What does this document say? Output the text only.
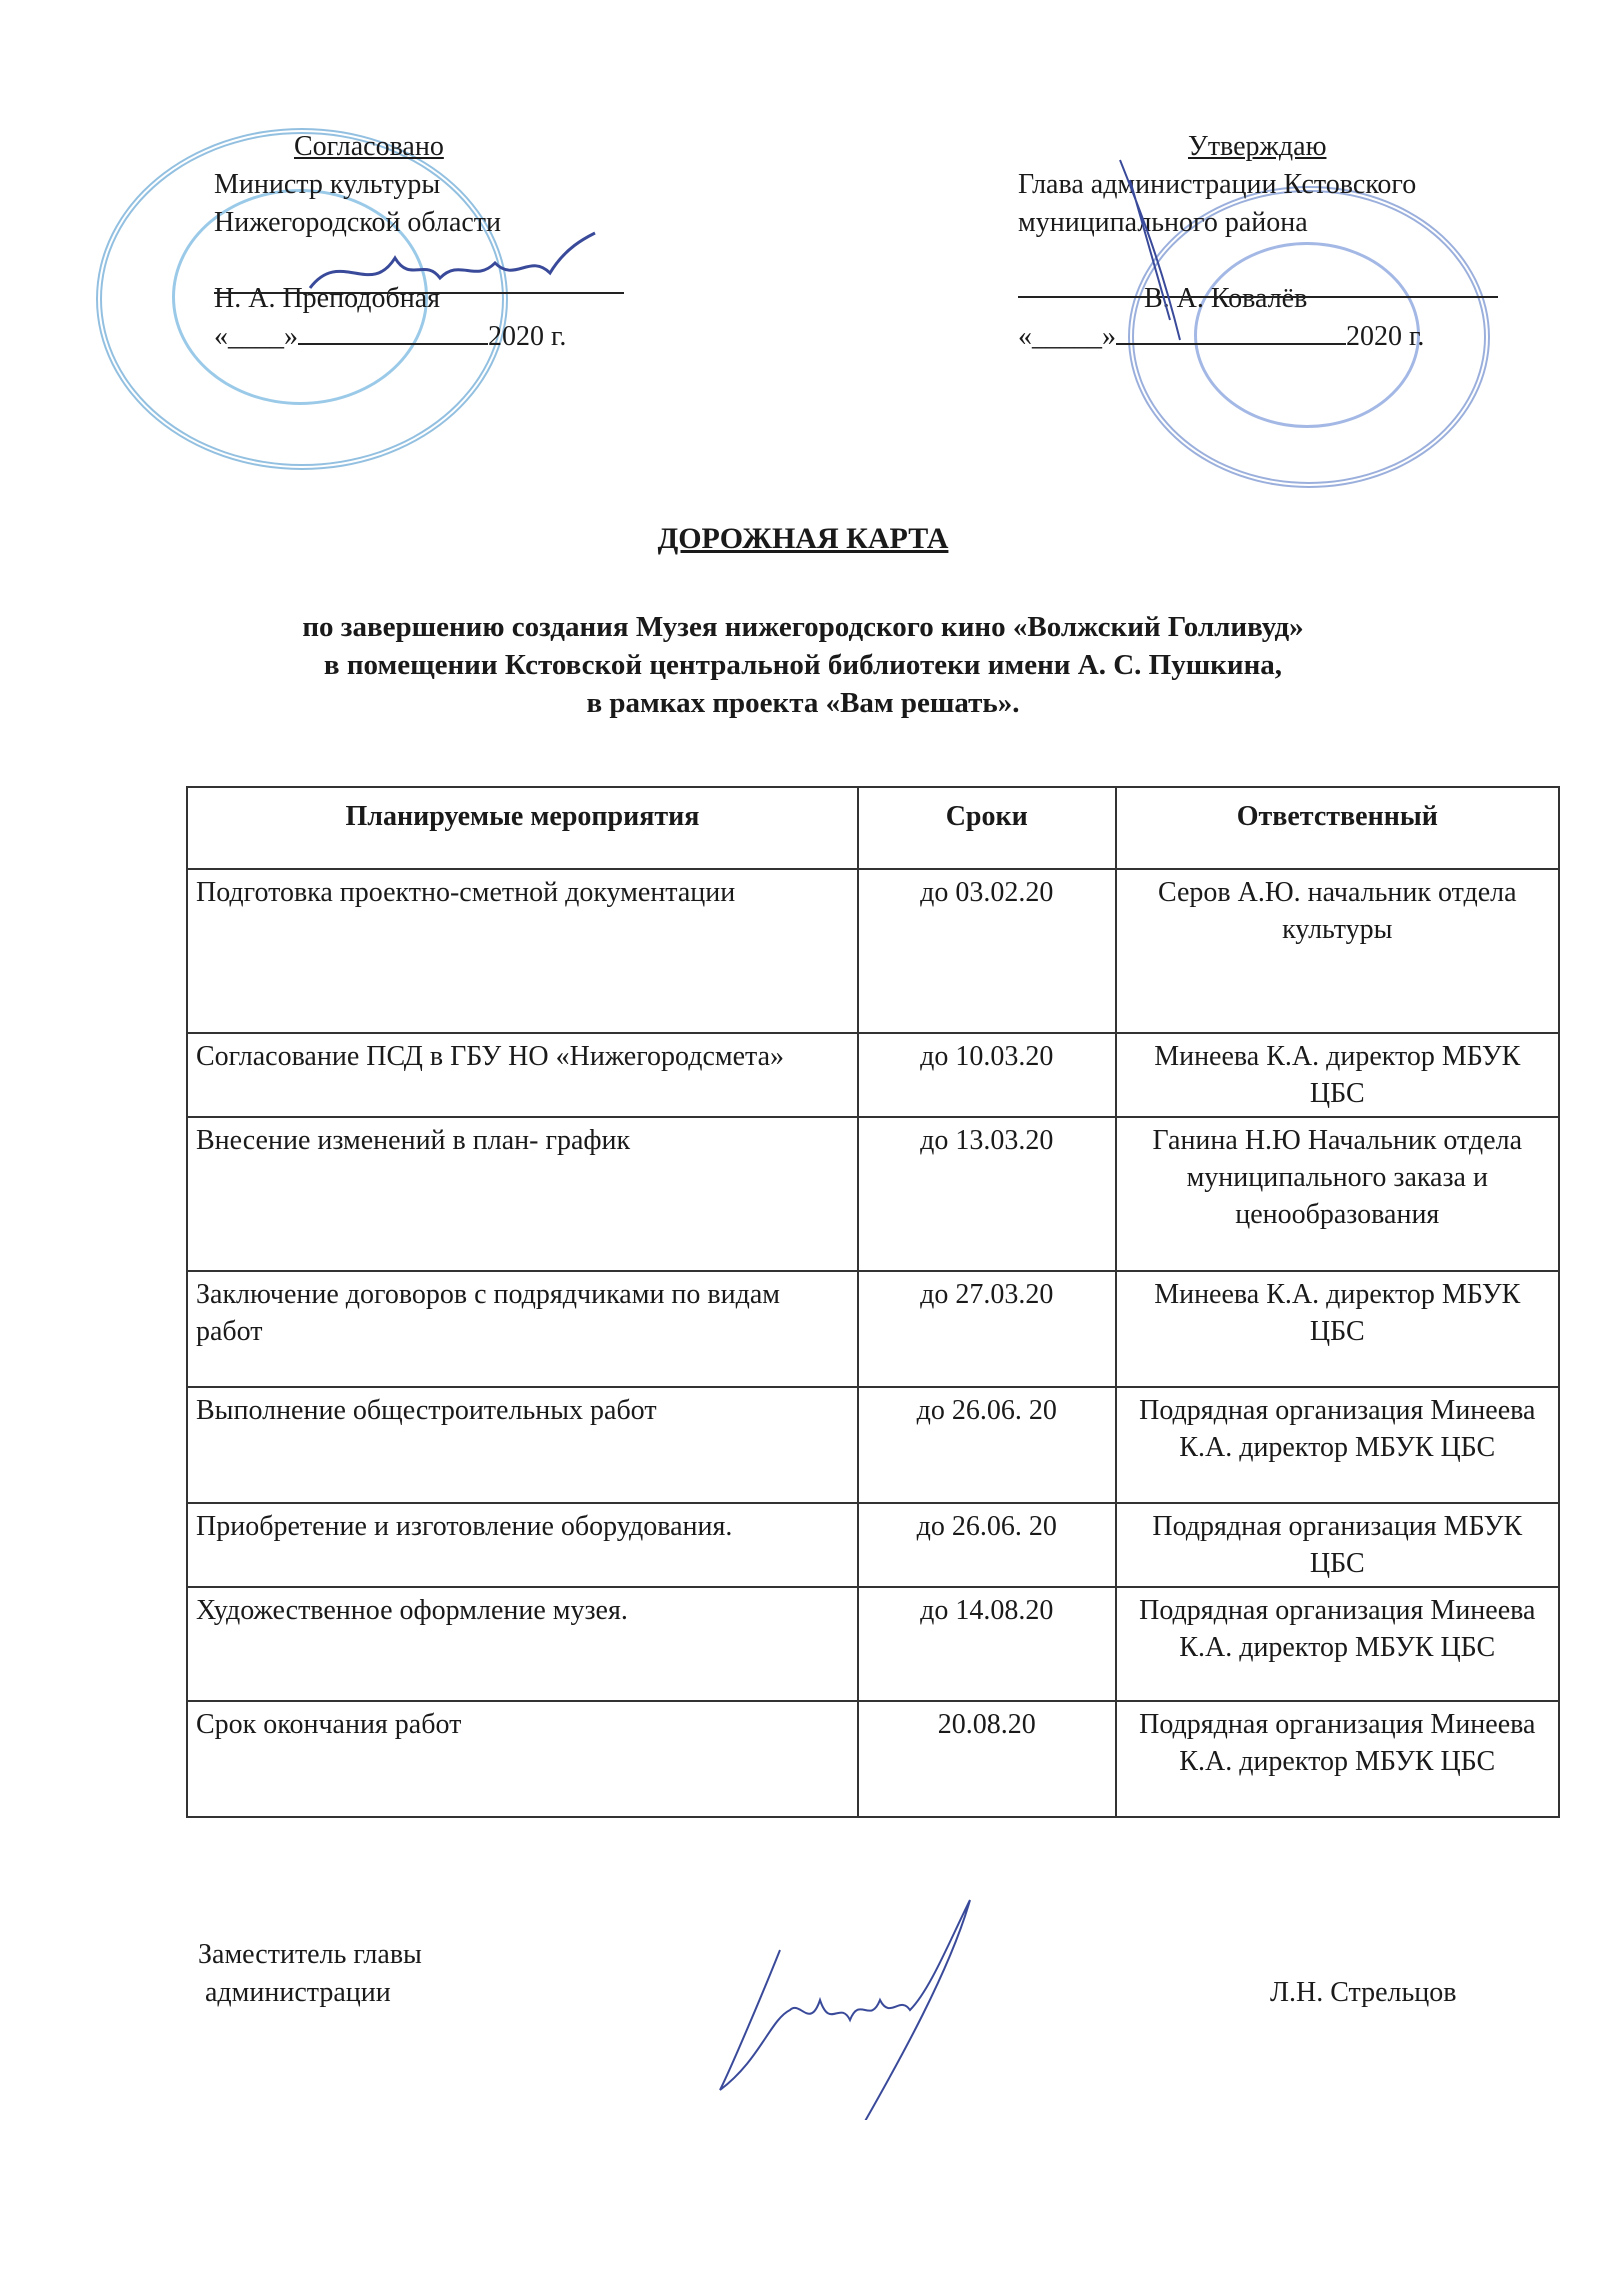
Согласовано
Министр культуры
Нижегородской области
Н. А. Преподобная
«____»	2020 г.
Утверждаю
Глава администрации Кстовского
муниципального района
В. А. Ковалёв
«_____»	2020 г.
ДОРОЖНАЯ КАРТА
по завершению создания Музея нижегородского кино «Волжский Голливуд»
в помещении Кстовской центральной библиотеки имени А. С. Пушкина,
в рамках проекта «Вам решать».
Планируемые мероприятия	Сроки	Ответственный
Подготовка проектно-сметной документации	до 03.02.20	Серов А.Ю. начальник отдела культуры
Согласование ПСД в ГБУ НО «Нижегородсмета»	до 10.03.20	Минеева К.А. директор МБУК ЦБС
Внесение изменений в план- график	до 13.03.20	Ганина Н.Ю Начальник отдела муниципального заказа и ценообразования
Заключение договоров с подрядчиками по видам работ	до 27.03.20	Минеева К.А. директор МБУК ЦБС
Выполнение общестроительных работ	до 26.06. 20	Подрядная организация Минеева К.А. директор МБУК ЦБС
Приобретение и изготовление оборудования.	до 26.06. 20	Подрядная организация МБУК ЦБС
Художественное оформление музея.	до 14.08.20	Подрядная организация Минеева К.А. директор МБУК ЦБС
Срок окончания работ	20.08.20	Подрядная организация Минеева К.А. директор МБУК ЦБС
Заместитель главы
администрации	Л.Н. Стрельцов
